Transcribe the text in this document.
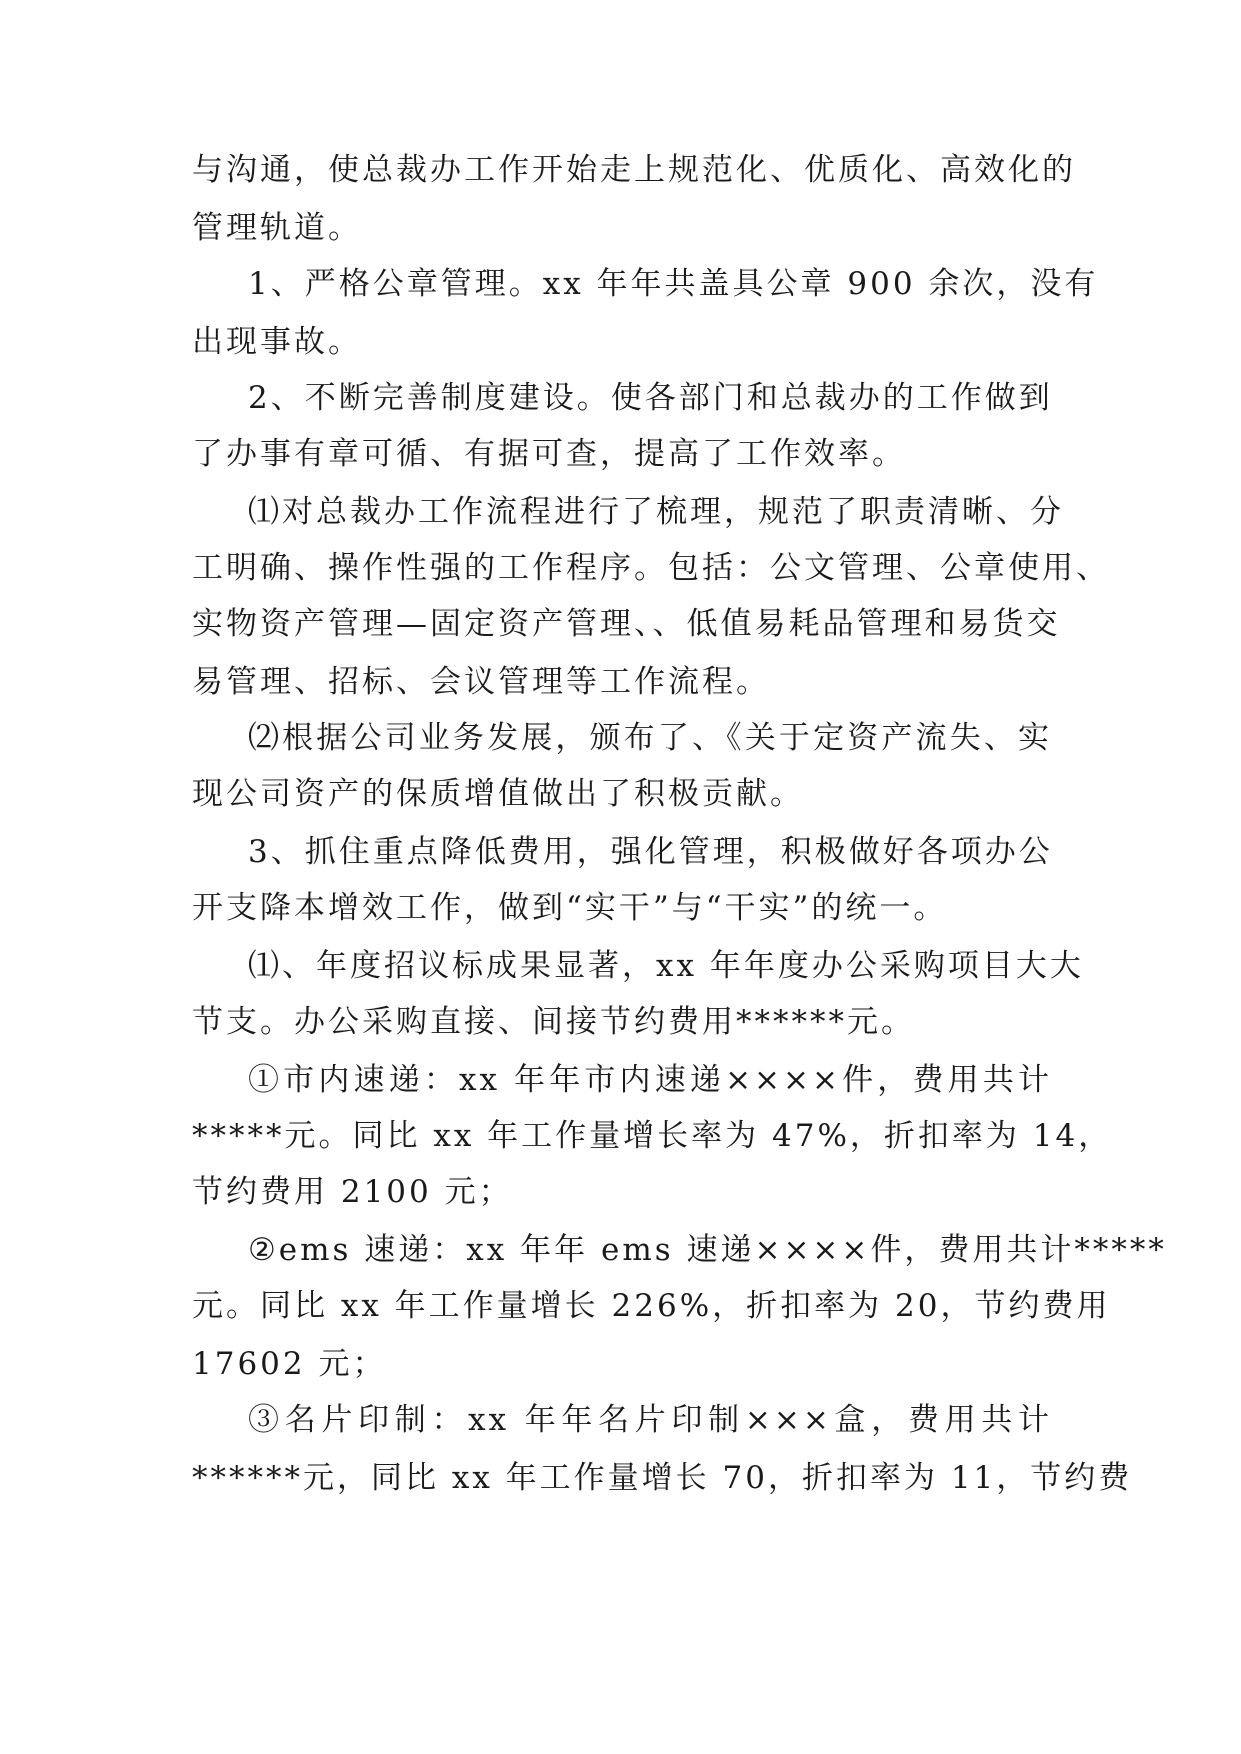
与沟通，使总裁办工作开始走上规范化、优质化、高效化的
管理轨道。
1、严格公章管理。xx 年年共盖具公章 900 余次，没有
出现事故。
2、不断完善制度建设。使各部门和总裁办的工作做到
了办事有章可循、有据可查，提高了工作效率。
⑴对总裁办工作流程进行了梳理，规范了职责清晰、分
工明确、操作性强的工作程序。包括：公文管理、公章使用、
实物资产管理—固定资产管理、、低值易耗品管理和易货交
易管理、招标、会议管理等工作流程。
⑵根据公司业务发展，颁布了、《关于定资产流失、实
现公司资产的保质增值做出了积极贡献。
3、抓住重点降低费用，强化管理，积极做好各项办公
开支降本增效工作，做到“实干”与“干实”的统一。
⑴、年度招议标成果显著，xx 年年度办公采购项目大大
节支。办公采购直接、间接节约费用******元。
①市内速递：xx 年年市内速递××××件，费用共计
*****元。同比 xx 年工作量增长率为 47%，折扣率为 14，
节约费用 2100 元；
②ems 速递：xx 年年 ems 速递××××件，费用共计*****
元。同比 xx 年工作量增长 226%，折扣率为 20，节约费用
17602 元；
③名片印制：xx 年年名片印制×××盒，费用共计
******元，同比 xx 年工作量增长 70，折扣率为 11，节约费
